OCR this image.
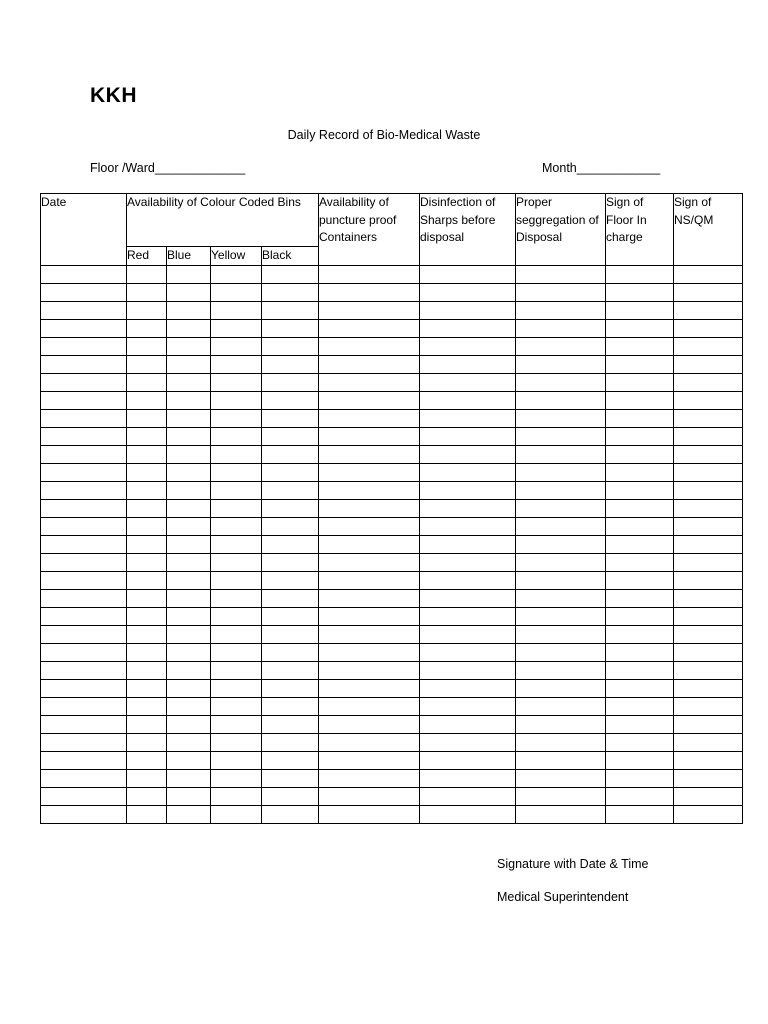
KKH
Daily Record of Bio-Medical Waste
Floor /Ward_____________	Month____________
Date	Availability of Colour Coded Bins				Availability of puncture proof Containers	Disinfection of Sharps before disposal	Proper seggregation of Disposal	Sign of Floor In charge	Sign of NS/QM
	Red	Blue	Yellow	Black					

Signature with Date & Time
Medical Superintendent
